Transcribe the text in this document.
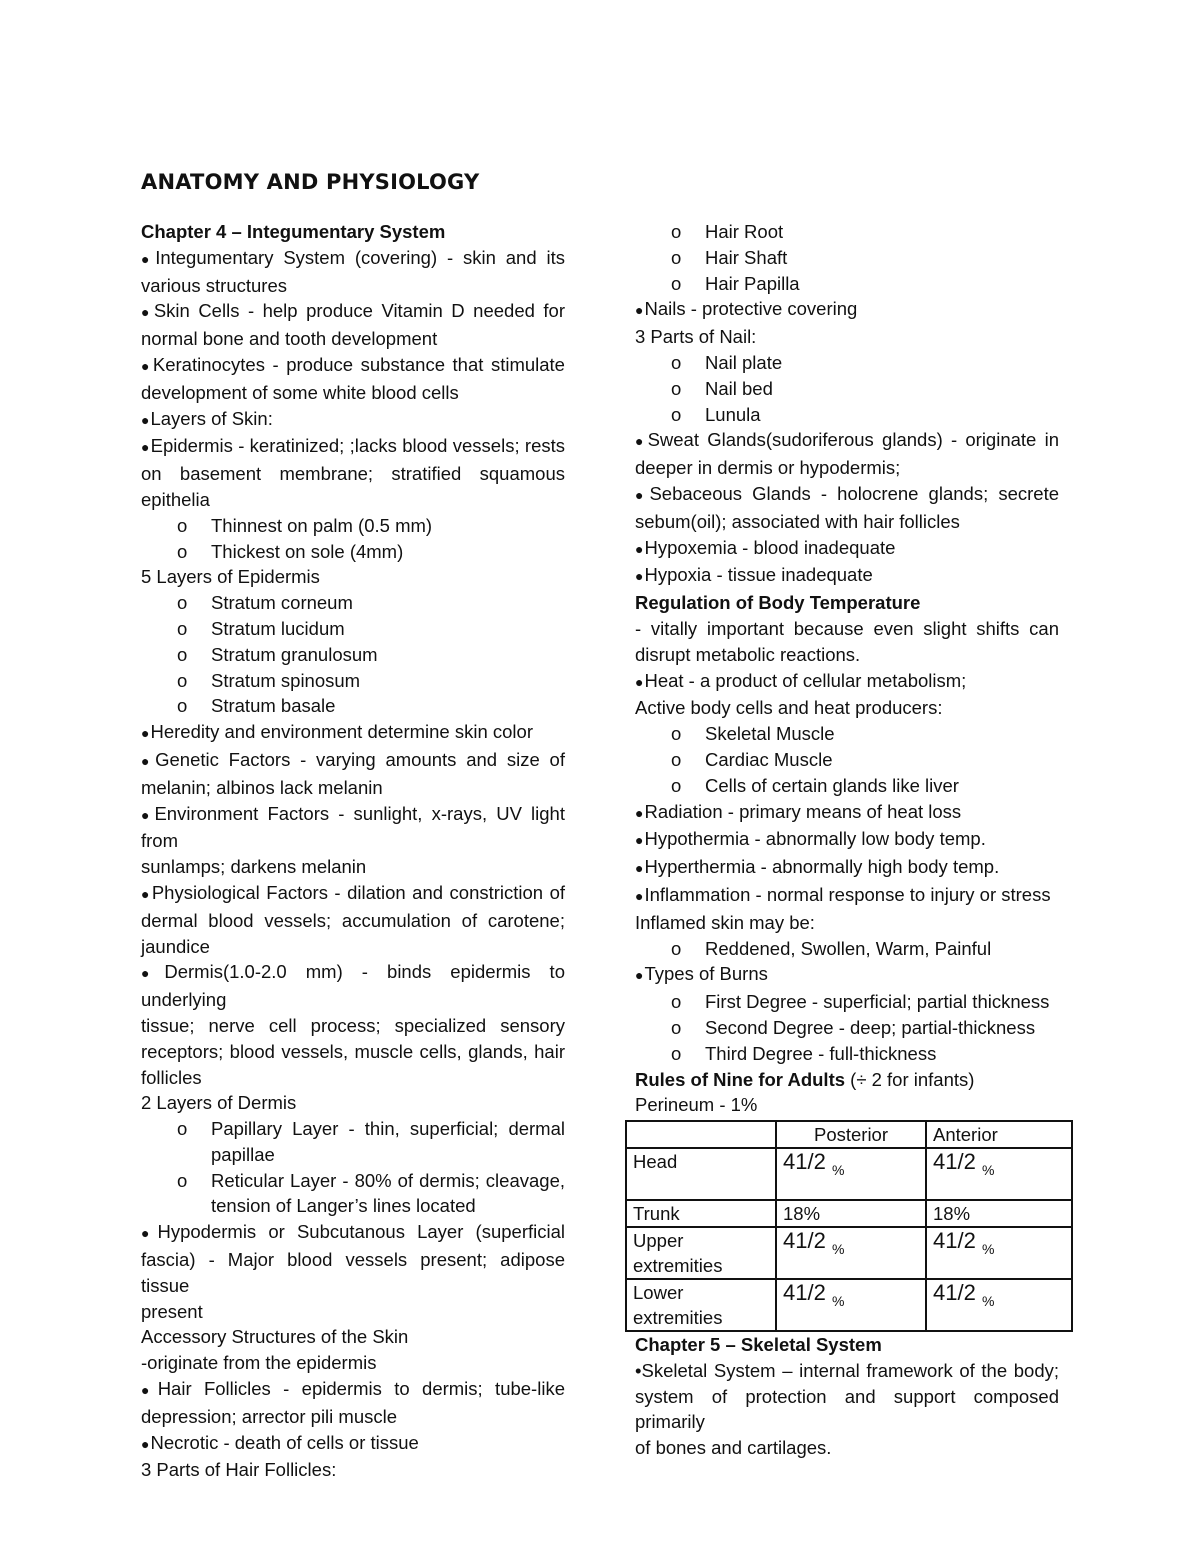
ANATOMY AND PHYSIOLOGY

Chapter 4 – Integumentary System

● Integumentary System (covering) - skin and its

various structures

● Skin Cells - help produce Vitamin D needed for

normal bone and tooth development

● Keratinocytes - produce substance that stimulate

development of some white blood cells

● Layers of Skin:

● Epidermis - keratinized; ;lacks blood vessels; rests

on basement membrane; stratified squamous

epithelia

o Thinnest on palm (0.5 mm)

o Thickest on sole (4mm)

5 Layers of Epidermis

o Stratum corneum

o Stratum lucidum

o Stratum granulosum

o Stratum spinosum

o Stratum basale

● Heredity and environment determine skin color

● Genetic Factors - varying amounts and size of

melanin; albinos lack melanin

● Environment Factors - sunlight, x-rays, UV light from

sunlamps; darkens melanin

● Physiological Factors - dilation and constriction of

dermal blood vessels; accumulation of carotene;

jaundice

● Dermis(1.0-2.0 mm) - binds epidermis to underlying

tissue; nerve cell process; specialized sensory

receptors; blood vessels, muscle cells, glands, hair

follicles

2 Layers of Dermis

o Papillary Layer - thin, superficial; dermal

papillae

o Reticular Layer - 80% of dermis; cleavage,

tension of Langer’s lines located

● Hypodermis or Subcutanous Layer (superficial

fascia) - Major blood vessels present; adipose tissue

present

Accessory Structures of the Skin

-originate from the epidermis

● Hair Follicles - epidermis to dermis; tube-like

depression; arrector pili muscle

● Necrotic - death of cells or tissue

3 Parts of Hair Follicles:

o Hair Root

o Hair Shaft

o Hair Papilla

● Nails - protective covering

3 Parts of Nail:

o Nail plate

o Nail bed

o Lunula

● Sweat Glands(sudoriferous glands) - originate in

deeper in dermis or hypodermis;

● Sebaceous Glands - holocrene glands; secrete

sebum(oil); associated with hair follicles

● Hypoxemia - blood inadequate

● Hypoxia - tissue inadequate

Regulation of Body Temperature

- vitally important because even slight shifts can

disrupt metabolic reactions.

● Heat - a product of cellular metabolism;

Active body cells and heat producers:

o Skeletal Muscle

o Cardiac Muscle

o Cells of certain glands like liver

● Radiation - primary means of heat loss

● Hypothermia - abnormally low body temp.

● Hyperthermia - abnormally high body temp.

● Inflammation - normal response to injury or stress

Inflamed skin may be:

o Reddened, Swollen, Warm, Painful

● Types of Burns

o First Degree - superficial; partial thickness

o Second Degree - deep; partial-thickness

o Third Degree - full-thickness

Rules of Nine for Adults (÷ 2 for infants)

Perineum - 1%

	Posterior	Anterior
Head	41/2 $_{\%}$	41/2 $_{\%}$
Trunk	18%	18%
Upper
extremities	41/2 $_{\%}$	41/2 $_{\%}$
Lower
extremities	41/2 $_{\%}$	41/2 $_{\%}$

Chapter 5 – Skeletal System

•Skeletal System – internal framework of the body;

system of protection and support composed primarily

of bones and cartilages.
